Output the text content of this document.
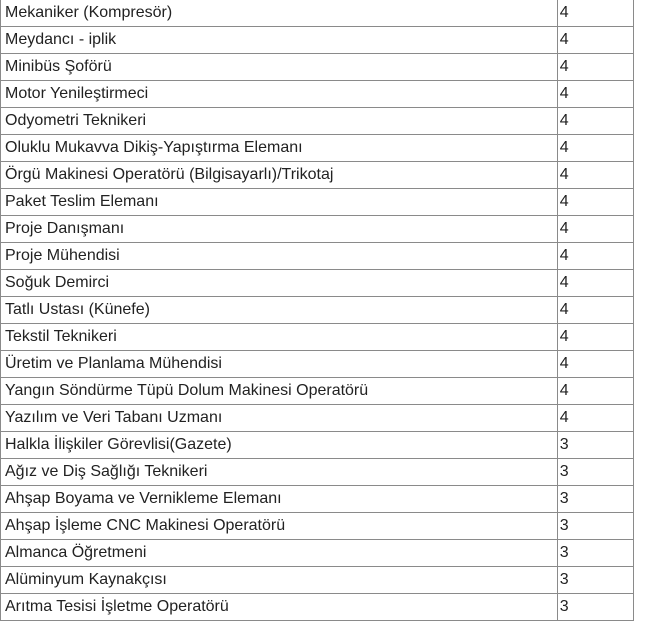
Mekaniker (Kompresör)	4
Meydancı - iplik	4
Minibüs Şoförü	4
Motor Yenileştirmeci	4
Odyometri Teknikeri	4
Oluklu Mukavva Dikiş-Yapıştırma Elemanı	4
Örgü Makinesi Operatörü (Bilgisayarlı)/Trikotaj	4
Paket Teslim Elemanı	4
Proje Danışmanı	4
Proje Mühendisi	4
Soğuk Demirci	4
Tatlı Ustası (Künefe)	4
Tekstil Teknikeri	4
Üretim ve Planlama Mühendisi	4
Yangın Söndürme Tüpü Dolum Makinesi Operatörü	4
Yazılım ve Veri Tabanı Uzmanı	4
Halkla İlişkiler Görevlisi(Gazete)	3
Ağız ve Diş Sağlığı Teknikeri	3
Ahşap Boyama ve Vernikleme Elemanı	3
Ahşap İşleme CNC Makinesi Operatörü	3
Almanca Öğretmeni	3
Alüminyum Kaynakçısı	3
Arıtma Tesisi İşletme Operatörü	3
